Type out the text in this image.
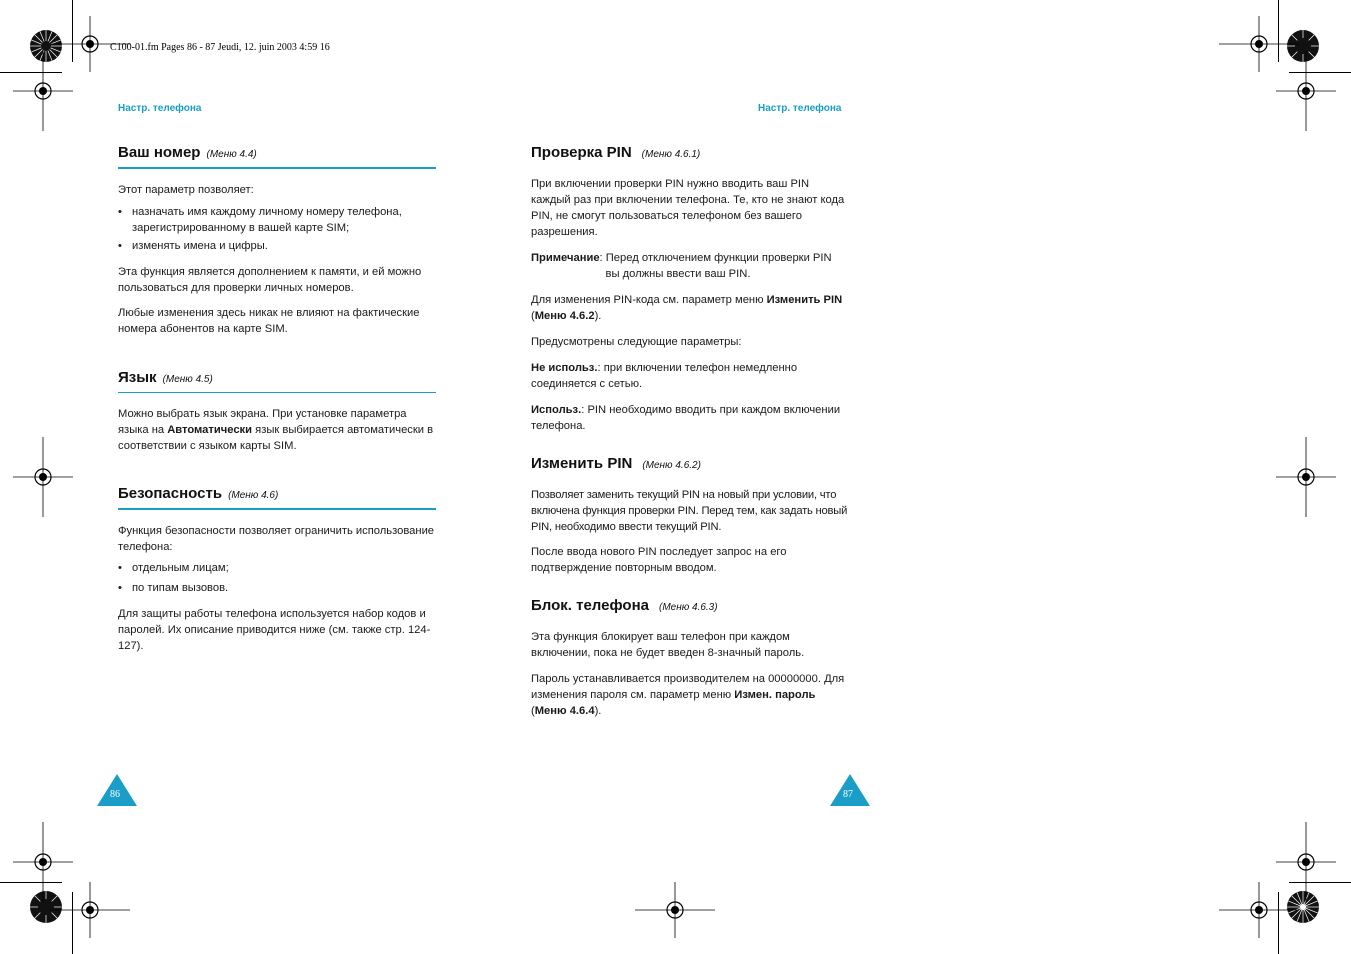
C100-01.fm Pages 86 - 87 Jeudi, 12. juin 2003 4:59 16
Настр. телефона	Настр. телефона
Ваш номер (Меню 4.4)

Этот параметр позволяет:

• назначать имя каждому личному номеру телефона, зарегистрированному в вашей карте SIM;
• изменять имена и цифры.

Эта функция является дополнением к памяти, и ей можно пользоваться для проверки личных номеров.

Любые изменения здесь никак не влияют на фактические номера абонентов на карте SIM.

Язык (Меню 4.5)

Можно выбрать язык экрана. При установке параметра языка на Автоматически язык выбирается автоматически в соответствии с языком карты SIM.

Безопасность (Меню 4.6)

Функция безопасности позволяет ограничить использование телефона:

• отдельным лицам;
• по типам вызовов.

Для защиты работы телефона используется набор кодов и паролей. Их описание приводится ниже (см. также стр. 124-127).

Проверка PIN (Меню 4.6.1)

При включении проверки PIN нужно вводить ваш PIN каждый раз при включении телефона. Те, кто не знают кода PIN, не смогут пользоваться телефоном без вашего разрешения.

Примечание : Перед отключением функции проверки PIN вы должны ввести ваш PIN.

Для изменения PIN-кода см. параметр меню Изменить PIN (Меню 4.6.2).

Предусмотрены следующие параметры:

Не использ.: при включении телефон немедленно соединяется с сетью.

Использ.: PIN необходимо вводить при каждом включении телефона.

Изменить PIN (Меню 4.6.2)

Позволяет заменить текущий PIN на новый при условии, что включена функция проверки PIN. Перед тем, как задать новый PIN, необходимо ввести текущий PIN.

После ввода нового PIN последует запрос на его подтверждение повторным вводом.

Блок. телефона (Меню 4.6.3)

Эта функция блокирует ваш телефон при каждом включении, пока не будет введен 8-значный пароль.

Пароль устанавливается производителем на 00000000. Для изменения пароля см. параметр меню Измен. пароль (Меню 4.6.4).

86	87
